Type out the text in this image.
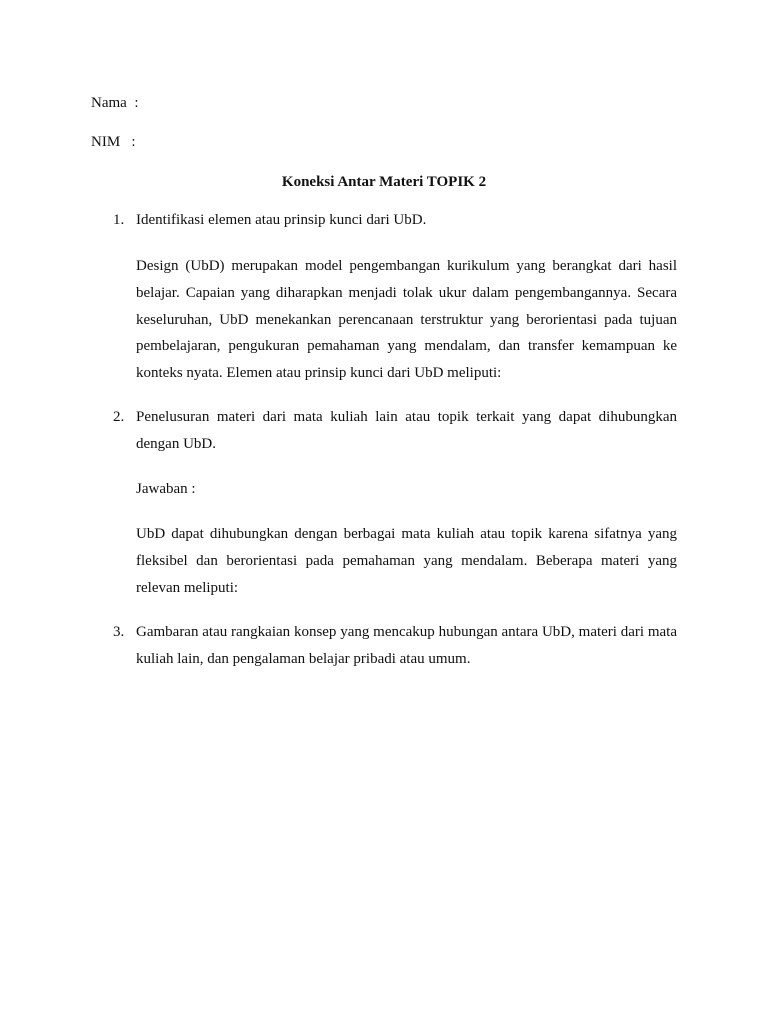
Nama  :
NIM   :
Koneksi Antar Materi TOPIK 2
1. Identifikasi elemen atau prinsip kunci dari UbD.
Design (UbD) merupakan model pengembangan kurikulum yang berangkat dari hasil belajar. Capaian yang diharapkan menjadi tolak ukur dalam pengembangannya. Secara keseluruhan, UbD menekankan perencanaan terstruktur yang berorientasi pada tujuan pembelajaran, pengukuran pemahaman yang mendalam, dan transfer kemampuan ke konteks nyata. Elemen atau prinsip kunci dari UbD meliputi:
2. Penelusuran materi dari mata kuliah lain atau topik terkait yang dapat dihubungkan dengan UbD.
Jawaban :
UbD dapat dihubungkan dengan berbagai mata kuliah atau topik karena sifatnya yang fleksibel dan berorientasi pada pemahaman yang mendalam. Beberapa materi yang relevan meliputi:
3. Gambaran atau rangkaian konsep yang mencakup hubungan antara UbD, materi dari mata kuliah lain, dan pengalaman belajar pribadi atau umum.
